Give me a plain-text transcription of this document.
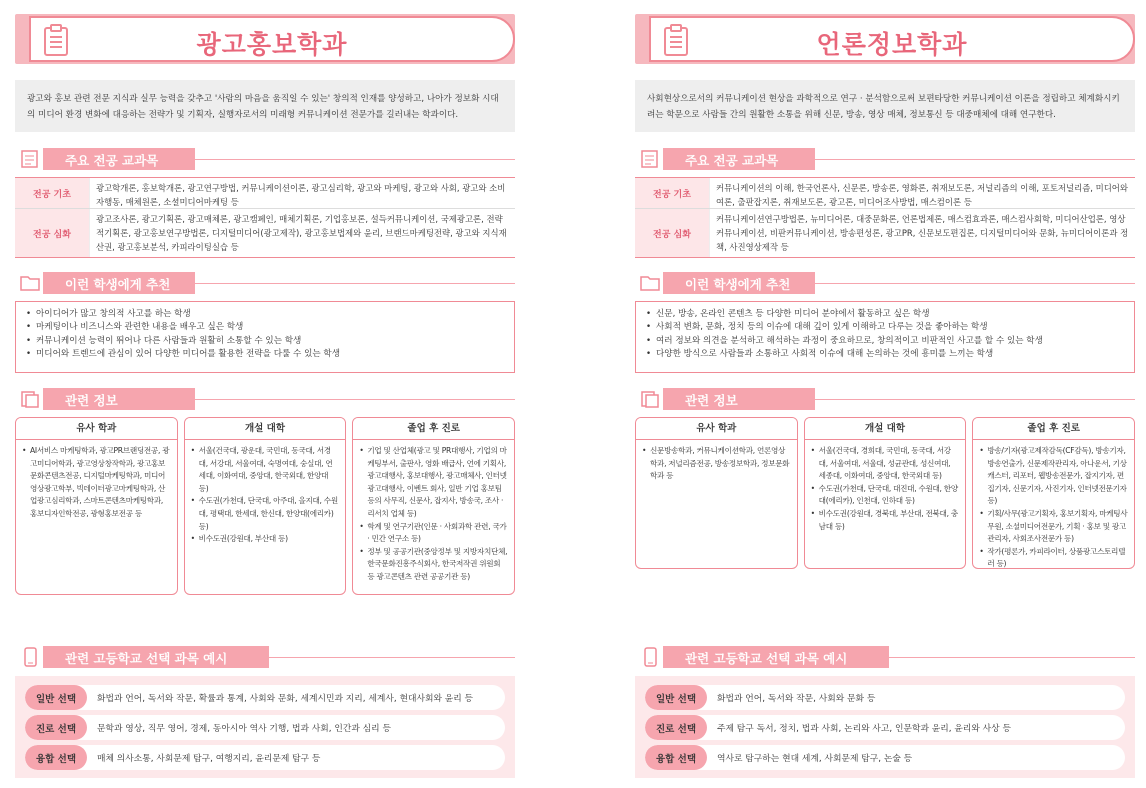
광고홍보학과
광고와 홍보 관련 전문 지식과 실무 능력을 갖추고 '사람의 마음을 움직일 수 있는' 창의적 인재를 양성하고, 나아가 정보화 시대의 미디어 환경 변화에 대응하는 전략가 및 기획자, 실행자로서의 미래형 커뮤니케이션 전문가를 길러내는 학과이다.
주요 전공 교과목
전공 기초
광고학개론, 홍보학개론, 광고연구방법, 커뮤니케이션이론, 광고심리학, 광고와 마케팅, 광고와 사회, 광고와 소비자행동, 매체원론, 소셜미디어마케팅 등
전공 심화
광고조사론, 광고기획론, 광고매체론, 광고캠페인, 매체기획론, 기업홍보론, 설득커뮤니케이션, 국제광고론, 전략적기획론, 광고홍보연구방법론, 디지털미디어(광고제작), 광고홍보법제와 윤리, 브랜드마케팅전략, 광고와 지식재산권, 광고홍보분석, 카피라이팅실습 등
이런 학생에게 추천
• 아이디어가 많고 창의적 사고를 하는 학생
• 마케팅이나 비즈니스와 관련한 내용을 배우고 싶은 학생
• 커뮤니케이션 능력이 뛰어나 다른 사람들과 원활히 소통할 수 있는 학생
• 미디어와 트렌드에 관심이 있어 다양한 미디어를 활용한 전략을 다룰 수 있는 학생
관련 정보
유사 학과
• AI서비스 마케팅학과, 광고PR브랜딩전공, 광고미디어학과, 광고영상창작학과, 광고홍보문화콘텐츠전공, 디지털마케팅학과, 미디어영상광고학부, 빅데이터광고마케팅학과, 산업광고심리학과, 스마트콘텐츠마케팅학과, 홍보디자인학전공, 광형홍보전공 등
개설 대학
• 서울(건국대, 광운대, 국민대, 동국대, 서경대, 서강대, 서울여대, 숙명여대, 숭실대, 연세대, 이화여대, 중앙대, 한국외대, 한양대 등)
• 수도권(가천대, 단국대, 아주대, 을지대, 수원대, 평택대, 한세대, 한신대, 한양대(에리카) 등)
• 비수도권(강원대, 부산대 등)
졸업 후 진로
• 기업 및 산업체(광고 및 PR대행사, 기업의 마케팅부서, 출판사, 영화 배급사, 언에 기획사, 광고대행사, 홍보대행사, 광고매체사, 인터넷 광고대행사, 이벤트 회사, 일반 기업 홍보팀 등의 사무직, 신문사, 잡지사, 방송국, 조사 · 리서치 업체 등)
• 학계 및 연구기관(인문 · 사회과학 관련, 국가 · 민간 연구소 등)
• 정부 및 공공기관(중앙정부 및 지방자치단체, 한국문화진흥주식회사, 한국저작권 위원회 등 광고콘텐츠 관련 공공기관 등)
관련 고등학교 선택 과목 예시
일반 선택	화법과 언어, 독서와 작문, 확률과 통계, 사회와 문화, 세계시민과 지리, 세계사, 현대사회와 윤리 등
진로 선택	문학과 영상, 직무 영어, 경제, 동아시아 역사 기행, 법과 사회, 인간과 심리 등
융합 선택	매체 의사소통, 사회문제 탐구, 여행지리, 윤리문제 탐구 등
언론정보학과
사회현상으로서의 커뮤니케이션 현상을 과학적으로 연구 · 분석함으로써 보편타당한 커뮤니케이션 이론을 정립하고 체계화시키려는 학문으로 사람들 간의 원활한 소통을 위해 신문, 방송, 영상 매체, 정보통신 등 대중매체에 대해 연구한다.
주요 전공 교과목
전공 기초
커뮤니케이션의 이해, 한국언론사, 신문론, 방송론, 영화론, 취재보도론, 저널리즘의 이해, 포토저널리즘, 미디어와 여론, 출판잡지론, 취재보도론, 광고론, 미디어조사방법, 매스컴이론 등
전공 심화
커뮤니케이션연구방법론, 뉴미디어론, 대중문화론, 언론법제론, 매스컴효과론, 매스컴사회학, 미디어산업론, 영상커뮤니케이션, 비판커뮤니케이션, 방송편성론, 광고PR, 신문보도편집론, 디지털미디어와 문화, 뉴미디어이론과 정책, 사진영상제작 등
이런 학생에게 추천
• 신문, 방송, 온라인 콘텐츠 등 다양한 미디어 분야에서 활동하고 싶은 학생
• 사회적 변화, 문화, 정치 등의 이슈에 대해 깊이 있게 이해하고 다루는 것을 좋아하는 학생
• 여러 정보와 의견을 분석하고 해석하는 과정이 중요하므로, 창의적이고 비판적인 사고를 할 수 있는 학생
• 다양한 방식으로 사람들과 소통하고 사회적 이슈에 대해 논의하는 것에 흥미를 느끼는 학생
관련 정보
유사 학과
• 신문방송학과, 커뮤니케이션학과, 언론영상학과, 저널리즘전공, 방송정보학과, 정보문화학과 등
개설 대학
• 서울(건국대, 경희대, 국민대, 동국대, 서강대, 서울여대, 서울대, 성균관대, 성신여대, 세종대, 이화여대, 중앙대, 한국외대 등)
• 수도권(가천대, 단국대, 대진대, 수원대, 한양대(에리카), 인천대, 인하대 등)
• 비수도권(강원대, 경북대, 부산대, 전북대, 충남대 등)
졸업 후 진로
• 방송/기자(광고제작감독(CF감독), 방송기자, 방송연출가, 신문제작관리자, 아나운서, 기상캐스터, 리포터, 웹방송전문가, 잡지기자, 편집기자, 신문기자, 사진기자, 인터넷전문기자 등)
• 기획/사무(광고기획자, 홍보기획자, 마케팅사무원, 소셜미디어전문가, 기획 · 홍보 및 광고관리자, 사회조사전문가 등)
• 작가(평론가, 카피라이터, 상품광고스토리텔러 등)
관련 고등학교 선택 과목 예시
일반 선택	화법과 언어, 독서와 작문, 사회와 문화 등
진로 선택	주제 탐구 독서, 정치, 법과 사회, 논리와 사고, 인문학과 윤리, 윤리와 사상 등
융합 선택	역사로 탐구하는 현대 세계, 사회문제 탐구, 논술 등
